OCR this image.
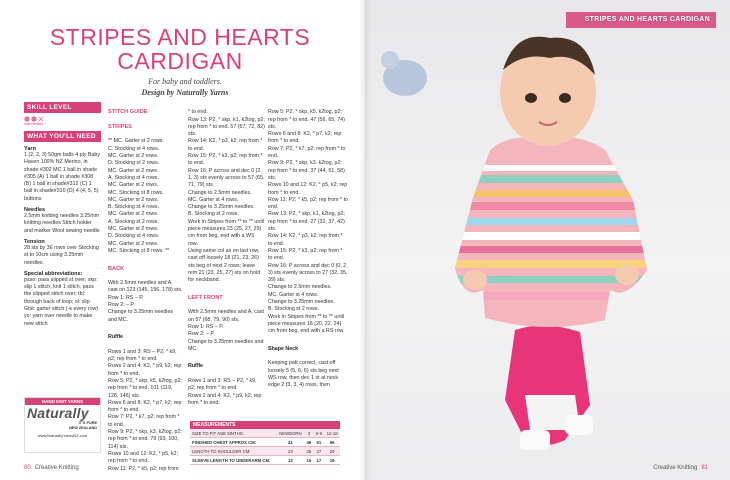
STRIPES AND HEARTS
CARDIGAN
For baby and toddlers.
Design by Naturally Yarns
SKILL LEVEL
intermediate
WHAT YOU'LL NEED
Yarn
1 (2, 2, 3) 50gm balls 4 ply Baby Haven 100% NZ Merino, in shade #302 MC 1 ball in shade #305 (A) 1 ball in shade #308 (B) 1 ball in shade#312 (C) 1 ball in shade#310 (D) 4 (4, 5, 5) buttons
Needles
2.5mm knitting needles 3.25mm knitting needles Stitch holder and marker Wool sewing needle
Tension
28 sts by 36 rows over Stocking st to 10cm using 3.25mm needles.
Special abbreviations:
psso: pass slipped st over; skp: slip 1 stitch, knit 1 stitch, pass the slipped stitch over; tbl: through back of loop; sl: slip Gtst: garter stitch (-k every row) yo: yarn over needle to make new stitch
HAND KNIT YARNS
Naturally
IT'S PURE
NEW ZEALAND
www.NaturallyYarnsNZ.com

STITCH GUIDE

STRIPES

** MC. Garter st 2 rows.
C. Stocking st 4 rows.
MC. Garter st 2 rows.
D. Stocking st 2 rows.
MC. Garter st 2 rows.
A. Stocking st 4 rows.
MC. Garter st 2 rows.
MC. Stocking st 8 rows.
MC. Garter st 2 rows.
B. Stocking st 4 rows.
MC. Garter st 2 rows.
A. Stocking st 2 rows.
MC. Garter st 2 rows.
D. Stocking st 4 rows.
MC. Garter st 2 rows.
MC. Stocking st 8 rows. **

BACK

With 2.5mm needles and A, cast on 123 (145, 156, 178) sts.
Row 1: RS – P.
Row 2: – P.
Change to 3.25mm needles and MC.

Ruffle

Rows 1 and 3: RS – P2, * k9, p2; rep from * to end.
Rows 2 and 4: K2, * p9, k2; rep from * to end.
Row 5: P2, * skp, k5, k2tog, p2; rep from * to end. 101 (119, 128, 146) sts.
Rows 6 and 8: K2, * p7, k2; rep from * to end.
Row 7: P2, * k7, p2; rep from * to end.
Row 9: P2, * skp, k3, k2tog, p2; rep from * to end. 79 (93, 100, 114) sts.
Rows 10 and 12: K2, * p5, k2; rep from * to end.
Row 11: P2, * k5, p2; rep from

* to end.
Row 13: P2, * skp, k1, k2tog, p2; rep from * to end. 57 (67, 72, 82) sts.
Row 14: K2, * p3, k2; rep from * to end.
Row 15: P2, * k3, p2; rep from * to end.
Row 16: P across and dec 0 (2, 1, 3) sts evenly across to 57 (65, 71, 79) sts.
Change to 2.5mm needles.
MC. Garter st 4 rows.
Change to 3.25mm needles.
B. Stocking st 2 rows.
Work in Stripes from ** to ** until piece measures 23 (25, 27, 29) cm from beg, end with a WS row.
Using same col as on last row, cast off loosely 18 (21, 23, 26) sts beg of next 2 rows; leave rem 21 (23, 25, 27) sts on hold for neckband.

LEFT FRONT

With 2.5mm needles and A, cast on 57 (68, 79, 90) sts.
Row 1: RS – P.
Row 2: – P.
Change to 3.25mm needles and MC.

Ruffle

Rows 1 and 3: RS – P2, * k9, p2; rep from * to end.
Rows 2 and 4: K2, * p9, k2; rep from * to end.

Row 5: P2, * skp, k5, k2tog, p2; rep from * to end. 47 (56, 65, 74) sts.
Rows 6 and 8: K2, * p7, k2; rep from * to end.
Row 7: P2, * k7, p2; rep from * to end.
Row 9: P2, * skp, k3, k2tog, p2; rep from * to end. 37 (44, 51, 58) sts.
Rows 10 and 12: K2, * p5, k2; rep from * to end.
Row 11: P2, * k5, p2; rep from * to end.
Row 13: P2, * skp, k1, k2tog, p2; rep from * to end. 27 (32, 37, 42) sts.
Row 14: K2, * p3, k2; rep from * to end.
Row 15: P2, * k3, p2; rep from * to end.
Row 16: P across and dec 0 (0, 2, 3) sts evenly across to 27 (32, 35, 39) sts.
Change to 2.5mm needles.
MC. Garter st 4 rows.
Change to 3.25mm needles.
B. Stocking st 2 rows.
Work in Stripes from ** to ** until piece measures 18 (20, 22, 24) cm from beg, end with a RS row.

Shape Neck

Keeping patt correct, cast off loosely 5 (5, 6, 6) sts beg next WS row, then dec 1 st at neck edge 2 (3, 3, 4) rows, then

MEASUREMENTS
SIZE TO FIT AGE MNTHS:	NEWBORN	3	6-9	12-18
FINISHED CHEST APPROX CM:	41	46	51	56
LENGTH TO SHOULDER CM:	23	25	27	29
SLEEVE LENGTH TO UNDERARM CM:	13	15	17	19
80 Creative Knitting
STRIPES AND HEARTS CARDIGAN
Creative Knitting 81
